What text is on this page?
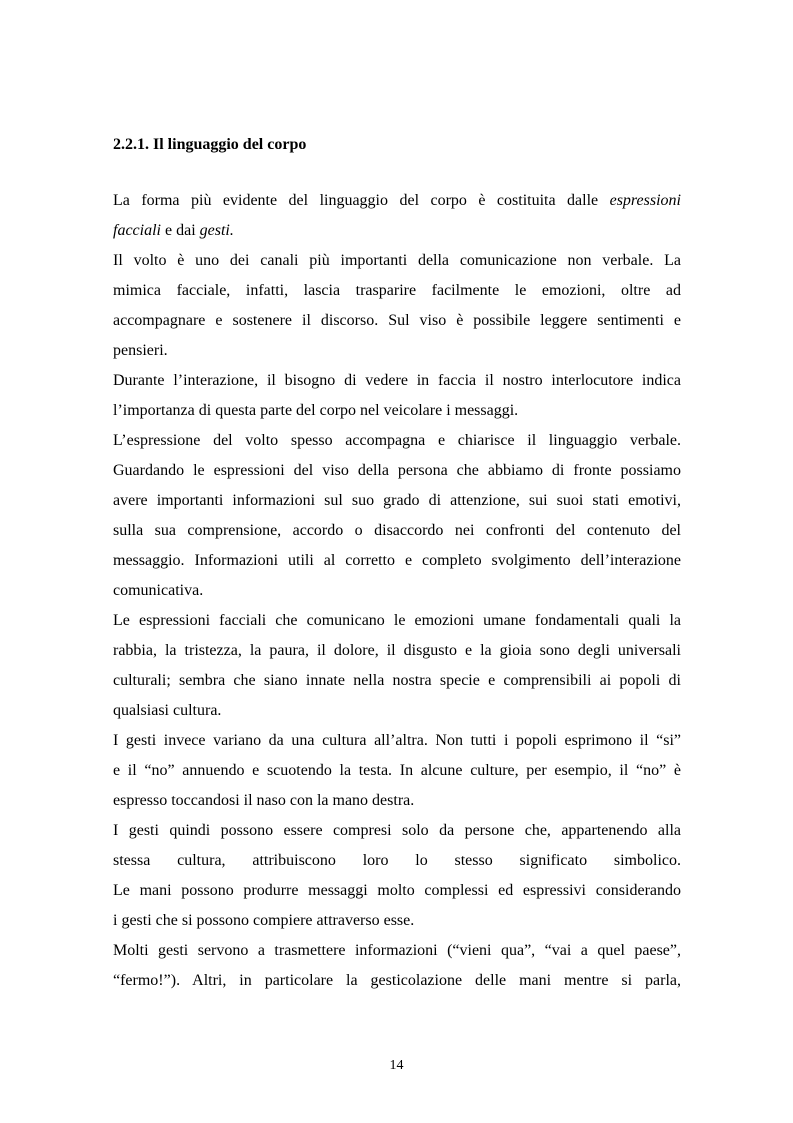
2.2.1. Il linguaggio del corpo
La forma più evidente del linguaggio del corpo è costituita dalle espressioni
facciali e dai gesti.
Il volto è uno dei canali più importanti della comunicazione non verbale. La
mimica facciale, infatti, lascia trasparire facilmente le emozioni, oltre ad
accompagnare e sostenere il discorso. Sul viso è possibile leggere sentimenti e
pensieri.
Durante l’interazione, il bisogno di vedere in faccia il nostro interlocutore indica
l’importanza di questa parte del corpo nel veicolare i messaggi.
L’espressione del volto spesso accompagna e chiarisce il linguaggio verbale.
Guardando le espressioni del viso della persona che abbiamo di fronte possiamo
avere importanti informazioni sul suo grado di attenzione, sui suoi stati emotivi,
sulla sua comprensione, accordo o disaccordo nei confronti del contenuto del
messaggio. Informazioni utili al corretto e completo svolgimento dell’interazione
comunicativa.
Le espressioni facciali che comunicano le emozioni umane fondamentali quali la
rabbia, la tristezza, la paura, il dolore, il disgusto e la gioia sono degli universali
culturali; sembra che siano innate nella nostra specie e comprensibili ai popoli di
qualsiasi cultura.
I gesti invece variano da una cultura all’altra. Non tutti i popoli esprimono il “si”
e il “no” annuendo e scuotendo la testa. In alcune culture, per esempio, il “no” è
espresso toccandosi il naso con la mano destra.
I gesti quindi possono essere compresi solo da persone che, appartenendo alla
stessa cultura, attribuiscono loro lo stesso significato simbolico.
Le mani possono produrre messaggi molto complessi ed espressivi considerando
i gesti che si possono compiere attraverso esse.
Molti gesti servono a trasmettere informazioni (“vieni qua”, “vai a quel paese”,
“fermo!”). Altri, in particolare la gesticolazione delle mani mentre si parla,
14
